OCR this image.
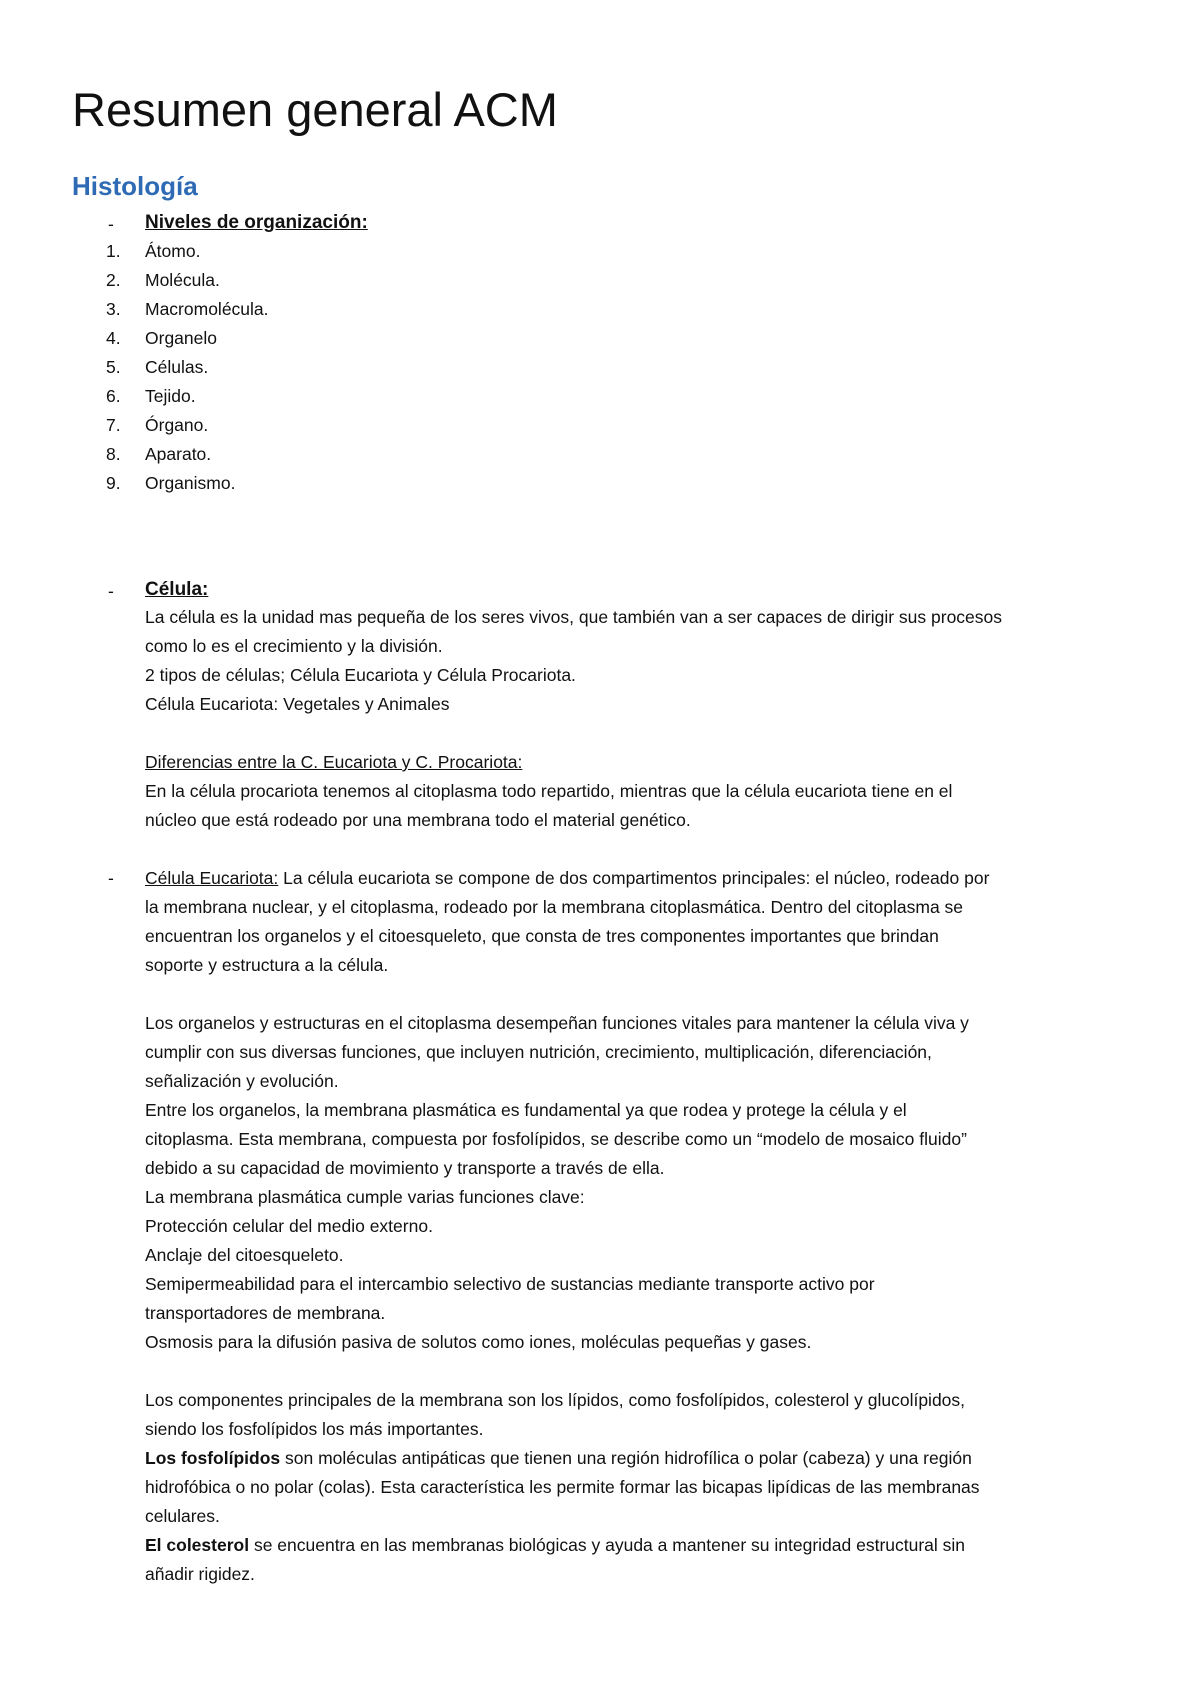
Resumen general ACM
Histología
- Niveles de organización:
1.	Átomo.
2.	Molécula.
3.	Macromolécula.
4.	Organelo
5.	Células.
6.	Tejido.
7.	Órgano.
8.	Aparato.
9.	Organismo.
- Célula:
La célula es la unidad mas pequeña de los seres vivos, que también van a ser capaces de dirigir sus procesos
como lo es el crecimiento y la división.
2 tipos de células; Célula Eucariota y Célula Procariota.
Célula Eucariota: Vegetales y Animales
Diferencias entre la C. Eucariota y C. Procariota:
En la célula procariota tenemos al citoplasma todo repartido, mientras que la célula eucariota tiene en el
núcleo que está rodeado por una membrana todo el material genético.
- Célula Eucariota: La célula eucariota se compone de dos compartimentos principales: el núcleo, rodeado por
la membrana nuclear, y el citoplasma, rodeado por la membrana citoplasmática. Dentro del citoplasma se
encuentran los organelos y el citoesqueleto, que consta de tres componentes importantes que brindan
soporte y estructura a la célula.
Los organelos y estructuras en el citoplasma desempeñan funciones vitales para mantener la célula viva y
cumplir con sus diversas funciones, que incluyen nutrición, crecimiento, multiplicación, diferenciación,
señalización y evolución.
Entre los organelos, la membrana plasmática es fundamental ya que rodea y protege la célula y el
citoplasma. Esta membrana, compuesta por fosfolípidos, se describe como un “modelo de mosaico fluido”
debido a su capacidad de movimiento y transporte a través de ella.
La membrana plasmática cumple varias funciones clave:
Protección celular del medio externo.
Anclaje del citoesqueleto.
Semipermeabilidad para el intercambio selectivo de sustancias mediante transporte activo por
transportadores de membrana.
Osmosis para la difusión pasiva de solutos como iones, moléculas pequeñas y gases.
Los componentes principales de la membrana son los lípidos, como fosfolípidos, colesterol y glucolípidos,
siendo los fosfolípidos los más importantes.
Los fosfolípidos son moléculas antipáticas que tienen una región hidrofílica o polar (cabeza) y una región
hidrofóbica o no polar (colas). Esta característica les permite formar las bicapas lipídicas de las membranas
celulares.
El colesterol se encuentra en las membranas biológicas y ayuda a mantener su integridad estructural sin
añadir rigidez.
